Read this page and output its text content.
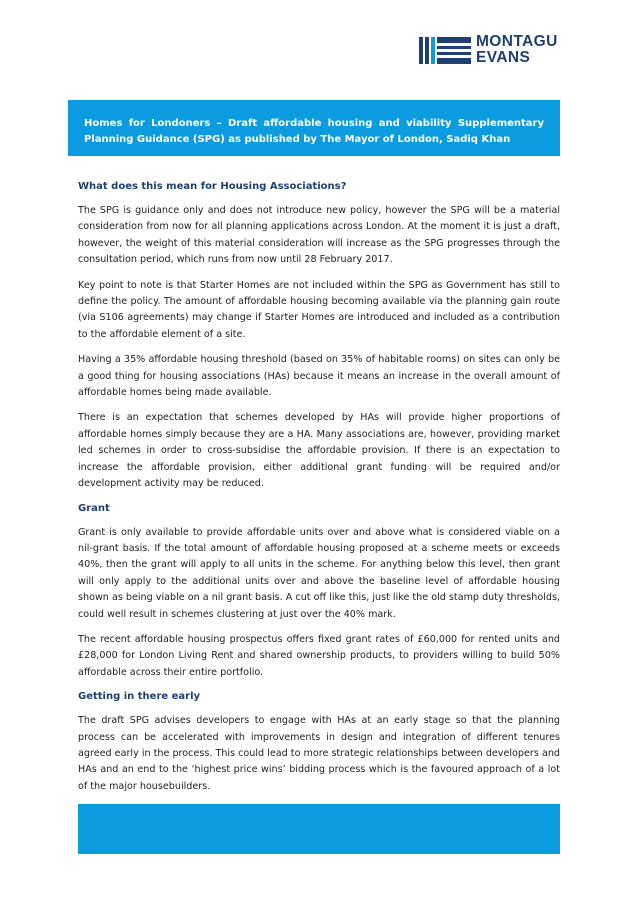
MONTAGU
EVANS
Homes for Londoners – Draft affordable housing and viability Supplementary Planning Guidance (SPG) as published by The Mayor of London, Sadiq Khan
What does this mean for Housing Associations?

The SPG is guidance only and does not introduce new policy, however the SPG will be a material consideration from now for all planning applications across London. At the moment it is just a draft, however, the weight of this material consideration will increase as the SPG progresses through the consultation period, which runs from now until 28 February 2017.

Key point to note is that Starter Homes are not included within the SPG as Government has still to define the policy. The amount of affordable housing becoming available via the planning gain route (via S106 agreements) may change if Starter Homes are introduced and included as a contribution to the affordable element of a site.

Having a 35% affordable housing threshold (based on 35% of habitable rooms) on sites can only be a good thing for housing associations (HAs) because it means an increase in the overall amount of affordable homes being made available.

There is an expectation that schemes developed by HAs will provide higher proportions of affordable homes simply because they are a HA. Many associations are, however, providing market led schemes in order to cross-subsidise the affordable provision. If there is an expectation to increase the affordable provision, either additional grant funding will be required and/or development activity may be reduced.

Grant

Grant is only available to provide affordable units over and above what is considered viable on a nil-grant basis. If the total amount of affordable housing proposed at a scheme meets or exceeds 40%, then the grant will apply to all units in the scheme. For anything below this level, then grant will only apply to the additional units over and above the baseline level of affordable housing shown as being viable on a nil grant basis. A cut off like this, just like the old stamp duty thresholds, could well result in schemes clustering at just over the 40% mark.

The recent affordable housing prospectus offers fixed grant rates of £60,000 for rented units and £28,000 for London Living Rent and shared ownership products, to providers willing to build 50% affordable across their entire portfolio.

Getting in there early

The draft SPG advises developers to engage with HAs at an early stage so that the planning process can be accelerated with improvements in design and integration of different tenures agreed early in the process. This could lead to more strategic relationships between developers and HAs and an end to the ‘highest price wins’ bidding process which is the favoured approach of a lot of the major housebuilders.
